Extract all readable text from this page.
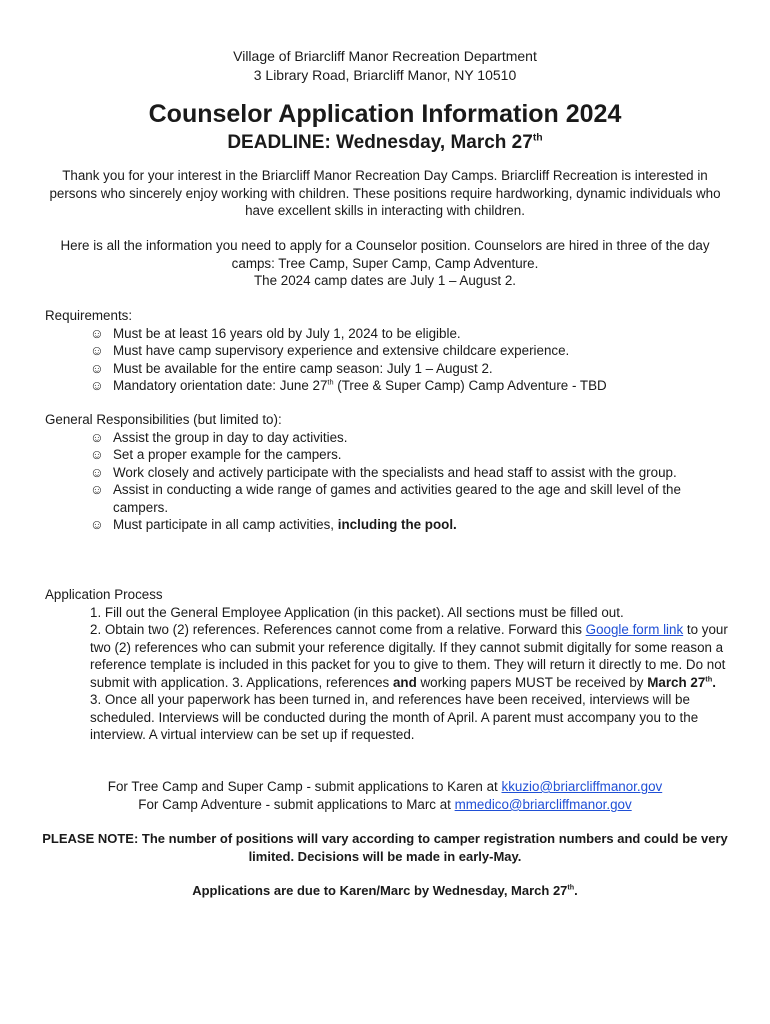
Village of Briarcliff Manor Recreation Department
3 Library Road, Briarcliff Manor, NY 10510
Counselor Application Information 2024
DEADLINE: Wednesday, March 27th
Thank you for your interest in the Briarcliff Manor Recreation Day Camps. Briarcliff Recreation is interested in persons who sincerely enjoy working with children. These positions require hardworking, dynamic individuals who have excellent skills in interacting with children.
Here is all the information you need to apply for a Counselor position. Counselors are hired in three of the day camps: Tree Camp, Super Camp, Camp Adventure.
The 2024 camp dates are July 1 – August 2.
Requirements:
☺ Must be at least 16 years old by July 1, 2024 to be eligible.
☺ Must have camp supervisory experience and extensive childcare experience.
☺ Must be available for the entire camp season: July 1 – August 2.
☺ Mandatory orientation date: June 27th (Tree & Super Camp) Camp Adventure - TBD
General Responsibilities (but limited to):
☺ Assist the group in day to day activities.
☺ Set a proper example for the campers.
☺ Work closely and actively participate with the specialists and head staff to assist with the group.
☺ Assist in conducting a wide range of games and activities geared to the age and skill level of the campers.
☺ Must participate in all camp activities, including the pool.
Application Process
1. Fill out the General Employee Application (in this packet). All sections must be filled out.
2. Obtain two (2) references. References cannot come from a relative. Forward this Google form link to your two (2) references who can submit your reference digitally. If they cannot submit digitally for some reason a reference template is included in this packet for you to give to them. They will return it directly to me. Do not submit with application. 3. Applications, references and working papers MUST be received by March 27th.
3. Once all your paperwork has been turned in, and references have been received, interviews will be scheduled. Interviews will be conducted during the month of April. A parent must accompany you to the interview. A virtual interview can be set up if requested.
For Tree Camp and Super Camp - submit applications to Karen at kkuzio@briarcliffmanor.gov
For Camp Adventure - submit applications to Marc at mmedico@briarcliffmanor.gov
PLEASE NOTE: The number of positions will vary according to camper registration numbers and could be very limited. Decisions will be made in early-May.
Applications are due to Karen/Marc by Wednesday, March 27th.
